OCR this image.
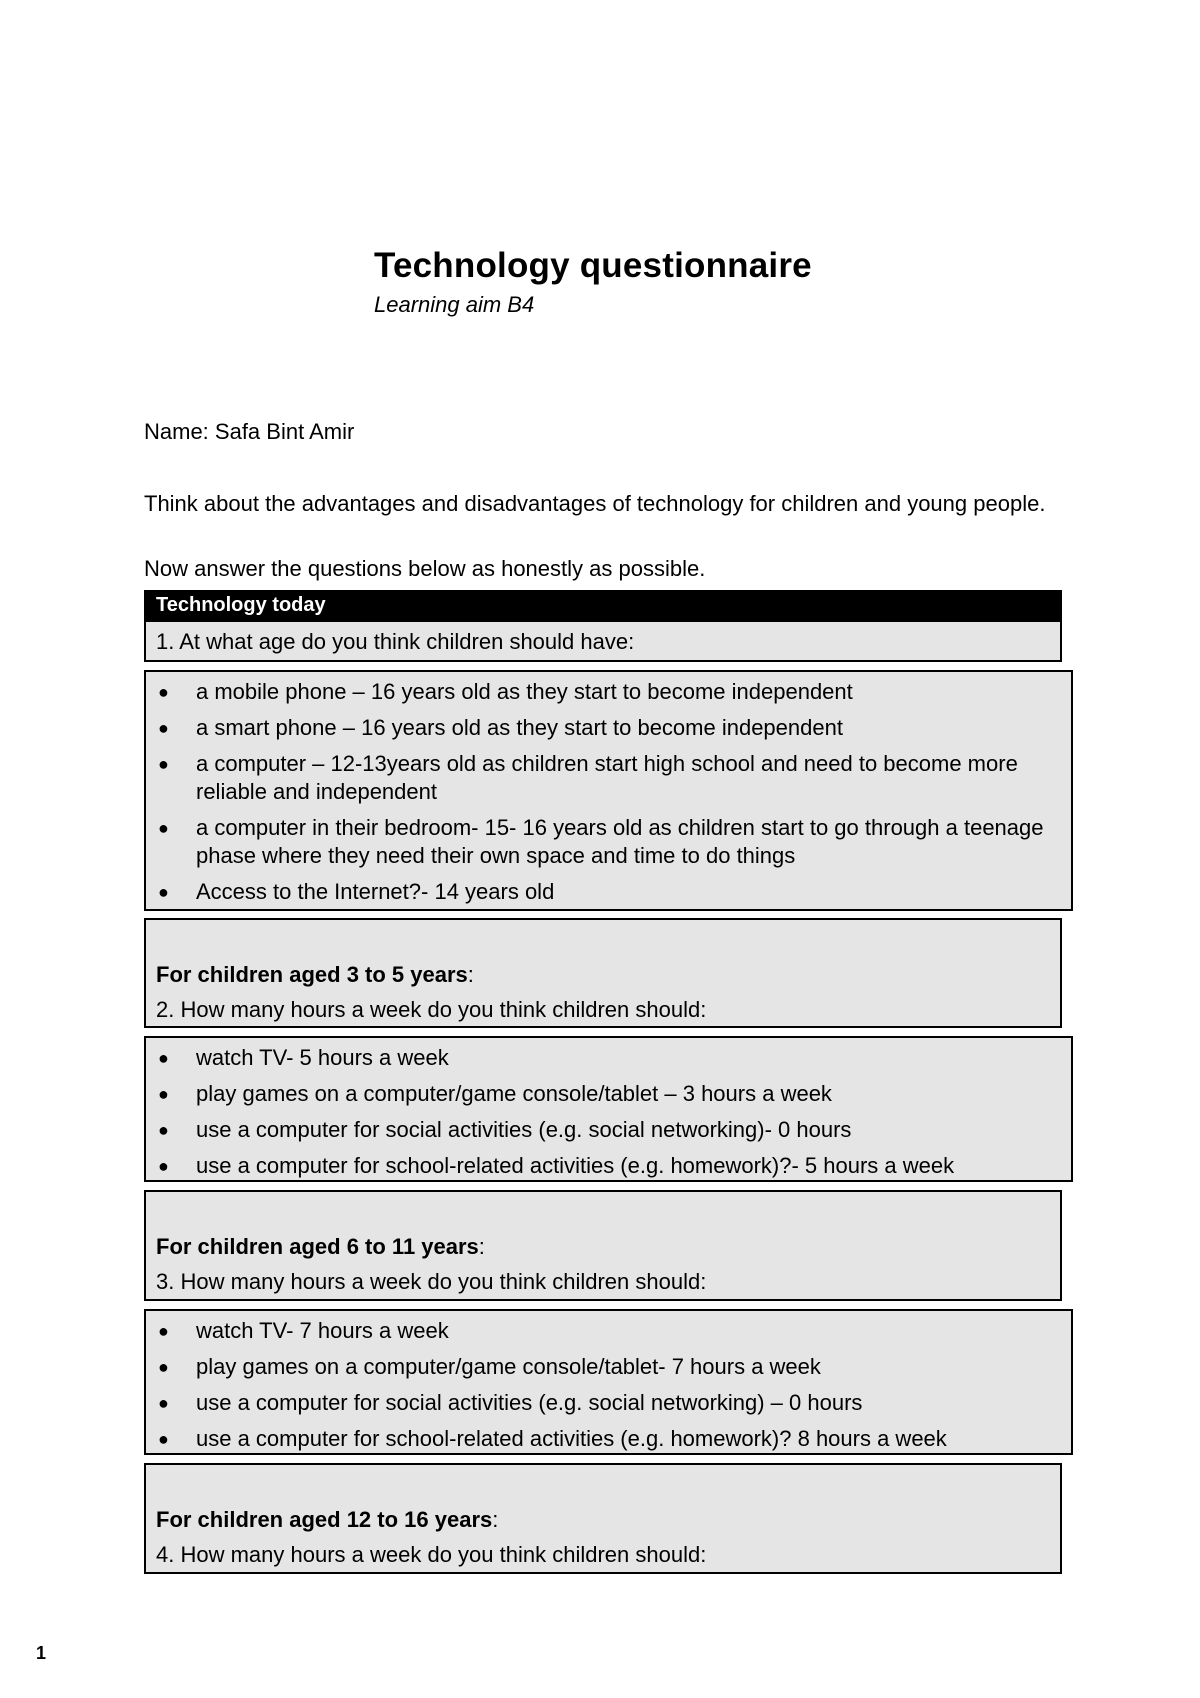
Technology questionnaire
Learning aim B4
Name: Safa Bint Amir
Think about the advantages and disadvantages of technology for children and young people.
Now answer the questions below as honestly as possible.
Technology today
1. At what age do you think children should have:
● a mobile phone – 16 years old as they start to become independent
● a smart phone – 16 years old as they start to become independent
● a computer – 12-13years old as children start high school and need to become more reliable and independent
● a computer in their bedroom- 15- 16 years old as children start to go through a teenage phase where they need their own space and time to do things
● Access to the Internet?- 14 years old
For children aged 3 to 5 years:
2. How many hours a week do you think children should:
● watch TV- 5 hours a week
● play games on a computer/game console/tablet – 3 hours a week
● use a computer for social activities (e.g. social networking)- 0 hours
● use a computer for school-related activities (e.g. homework)?- 5 hours a week
For children aged 6 to 11 years:
3. How many hours a week do you think children should:
● watch TV- 7 hours a week
● play games on a computer/game console/tablet- 7 hours a week
● use a computer for social activities (e.g. social networking) – 0 hours
● use a computer for school-related activities (e.g. homework)? 8 hours a week
For children aged 12 to 16 years:
4. How many hours a week do you think children should:
1
